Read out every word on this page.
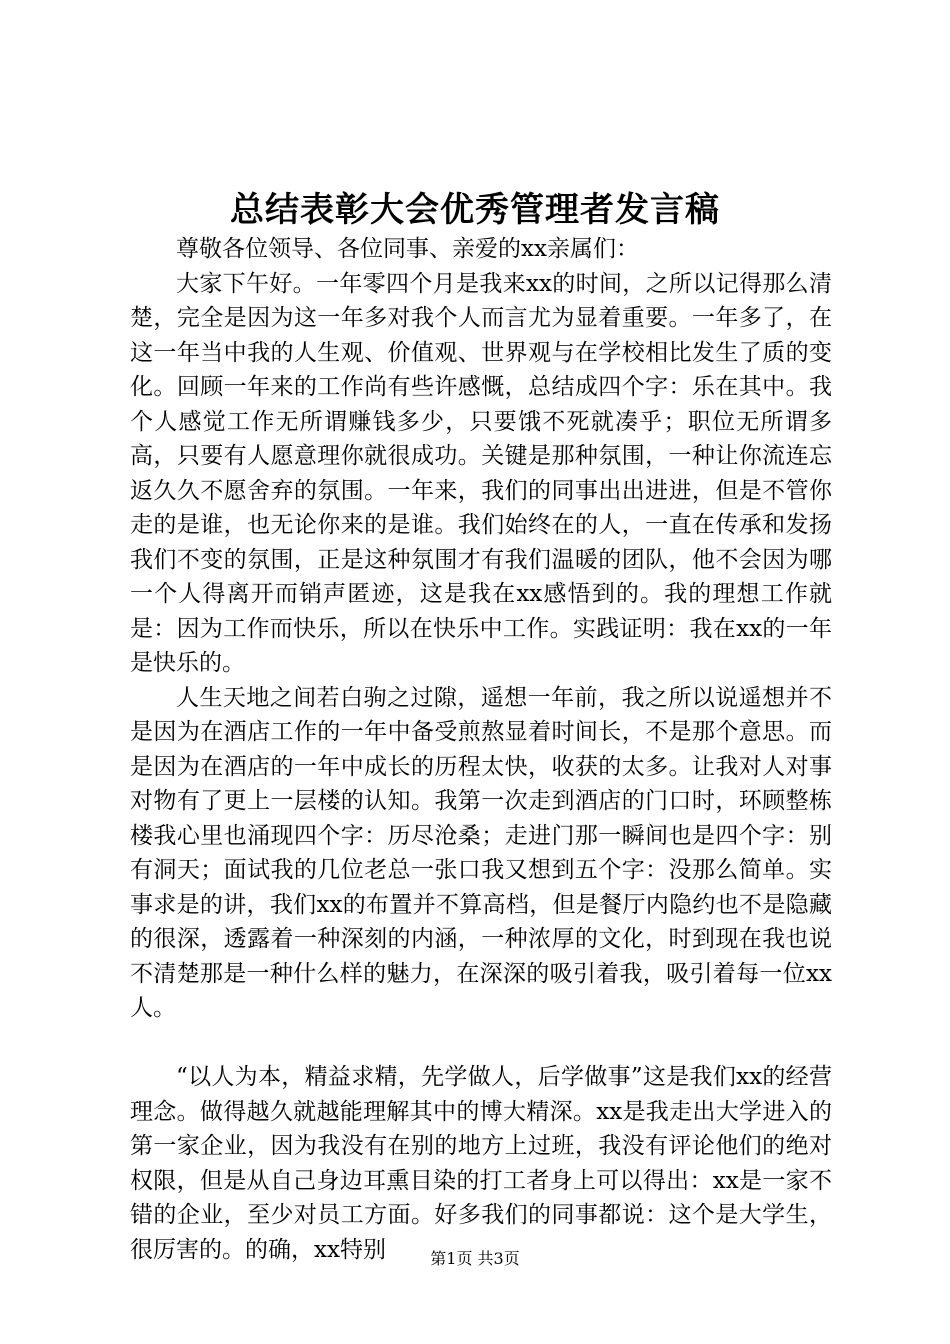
总结表彰大会优秀管理者发言稿

尊敬各位领导、各位同事、亲爱的xx亲属们：

大家下午好。一年零四个月是我来xx的时间，之所以记得那么清楚，完全是因为这一年多对我个人而言尤为显着重要。一年多了，在这一年当中我的人生观、价值观、世界观与在学校相比发生了质的变化。回顾一年来的工作尚有些许感慨，总结成四个字：乐在其中。我个人感觉工作无所谓赚钱多少，只要饿不死就凑乎；职位无所谓多高，只要有人愿意理你就很成功。关键是那种氛围，一种让你流连忘返久久不愿舍弃的氛围。一年来，我们的同事出出进进，但是不管你走的是谁，也无论你来的是谁。我们始终在的人，一直在传承和发扬我们不变的氛围，正是这种氛围才有我们温暖的团队，他不会因为哪一个人得离开而销声匿迹，这是我在xx感悟到的。我的理想工作就是：因为工作而快乐，所以在快乐中工作。实践证明：我在xx的一年是快乐的。

人生天地之间若白驹之过隙，遥想一年前，我之所以说遥想并不是因为在酒店工作的一年中备受煎熬显着时间长，不是那个意思。而是因为在酒店的一年中成长的历程太快，收获的太多。让我对人对事对物有了更上一层楼的认知。我第一次走到酒店的门口时，环顾整栋楼我心里也涌现四个字：历尽沧桑；走进门那一瞬间也是四个字：别有洞天；面试我的几位老总一张口我又想到五个字：没那么简单。实事求是的讲，我们xx的布置并不算高档，但是餐厅内隐约也不是隐藏的很深，透露着一种深刻的内涵，一种浓厚的文化，时到现在我也说不清楚那是一种什么样的魅力，在深深的吸引着我，吸引着每一位xx人。

“以人为本，精益求精，先学做人，后学做事”这是我们xx的经营理念。做得越久就越能理解其中的博大精深。xx是我走出大学进入的第一家企业，因为我没有在别的地方上过班，我没有评论他们的绝对权限，但是从自己身边耳熏目染的打工者身上可以得出：xx是一家不错的企业，至少对员工方面。好多我们的同事都说：这个是大学生，很厉害的。的确，xx特别	第1页 共3页
